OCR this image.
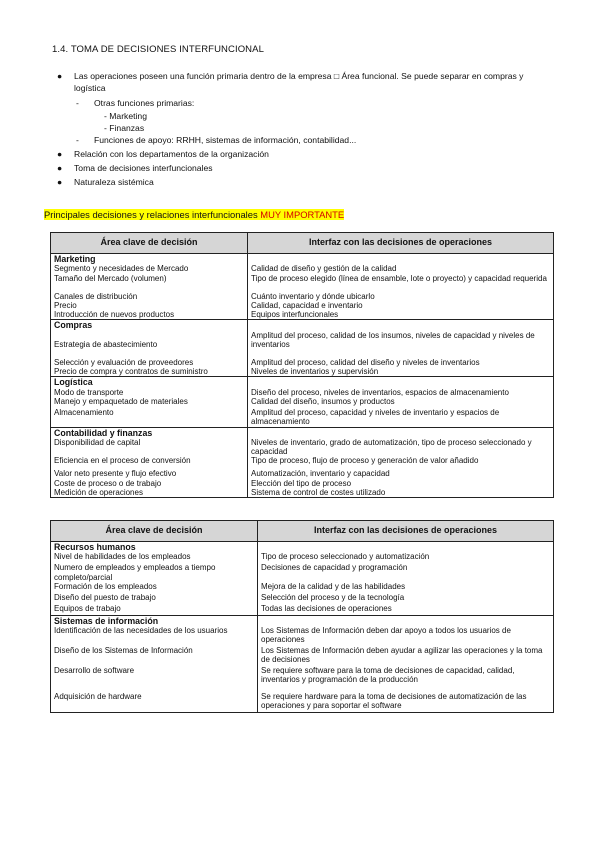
1.4. TOMA DE DECISIONES INTERFUNCIONAL
● Las operaciones poseen una función primaria dentro de la empresa □ Área funcional. Se puede separar en compras y logística
- Otras funciones primarias:
- Marketing
- Finanzas
- Funciones de apoyo: RRHH, sistemas de información, contabilidad...
● Relación con los departamentos de la organización
● Toma de decisiones interfuncionales
● Naturaleza sistémica
Principales decisiones y relaciones interfuncionales MUY IMPORTANTE
Área clave de decisión	Interfaz con las decisiones de operaciones
Marketing	
Segmento y necesidades de Mercado	Calidad de diseño y gestión de la calidad
Tamaño del Mercado (volumen)	Tipo de proceso elegido (línea de ensamble, lote o proyecto) y capacidad requerida
Canales de distribución	Cuánto inventario y dónde ubicarlo
Precio	Calidad, capacidad e inventario
Introducción de nuevos productos	Equipos interfuncionales
Compras	
Estrategia de abastecimiento	Amplitud del proceso, calidad de los insumos, niveles de capacidad y niveles de inventarios
Selección y evaluación de proveedores	Amplitud del proceso, calidad del diseño y niveles de inventarios
Precio de compra y contratos de suministro	Niveles de inventarios y supervisión
Logística	
Modo de transporte	Diseño del proceso, niveles de inventarios, espacios de almacenamiento
Manejo y empaquetado de materiales	Calidad del diseño, insumos y productos
Almacenamiento	Amplitud del proceso, capacidad y niveles de inventario y espacios de almacenamiento
Contabilidad y finanzas	
Disponibilidad de capital	Niveles de inventario, grado de automatización, tipo de proceso seleccionado y capacidad
Eficiencia en el proceso de conversión	Tipo de proceso, flujo de proceso y generación de valor añadido
Valor neto presente y flujo efectivo	Automatización, inventario y capacidad
Coste de proceso o de trabajo	Elección del tipo de proceso
Medición de operaciones	Sistema de control de costes utilizado
Área clave de decisión	Interfaz con las decisiones de operaciones
Recursos humanos	
Nivel de habilidades de los empleados	Tipo de proceso seleccionado y automatización
Numero de empleados y empleados a tiempo completo/parcial	Decisiones de capacidad y programación
Formación de los empleados	Mejora de la calidad y de las habilidades
Diseño del puesto de trabajo	Selección del proceso y de la tecnología
Equipos de trabajo	Todas las decisiones de operaciones
Sistemas de información	
Identificación de las necesidades de los usuarios	Los Sistemas de Información deben dar apoyo a todos los usuarios de operaciones
Diseño de los Sistemas de Información	Los Sistemas de Información deben ayudar a agilizar las operaciones y la toma de decisiones
Desarrollo de software	Se requiere software para la toma de decisiones de capacidad, calidad, inventarios y programación de la producción
Adquisición de hardware	Se requiere hardware para la toma de decisiones de automatización de las operaciones y para soportar el software
